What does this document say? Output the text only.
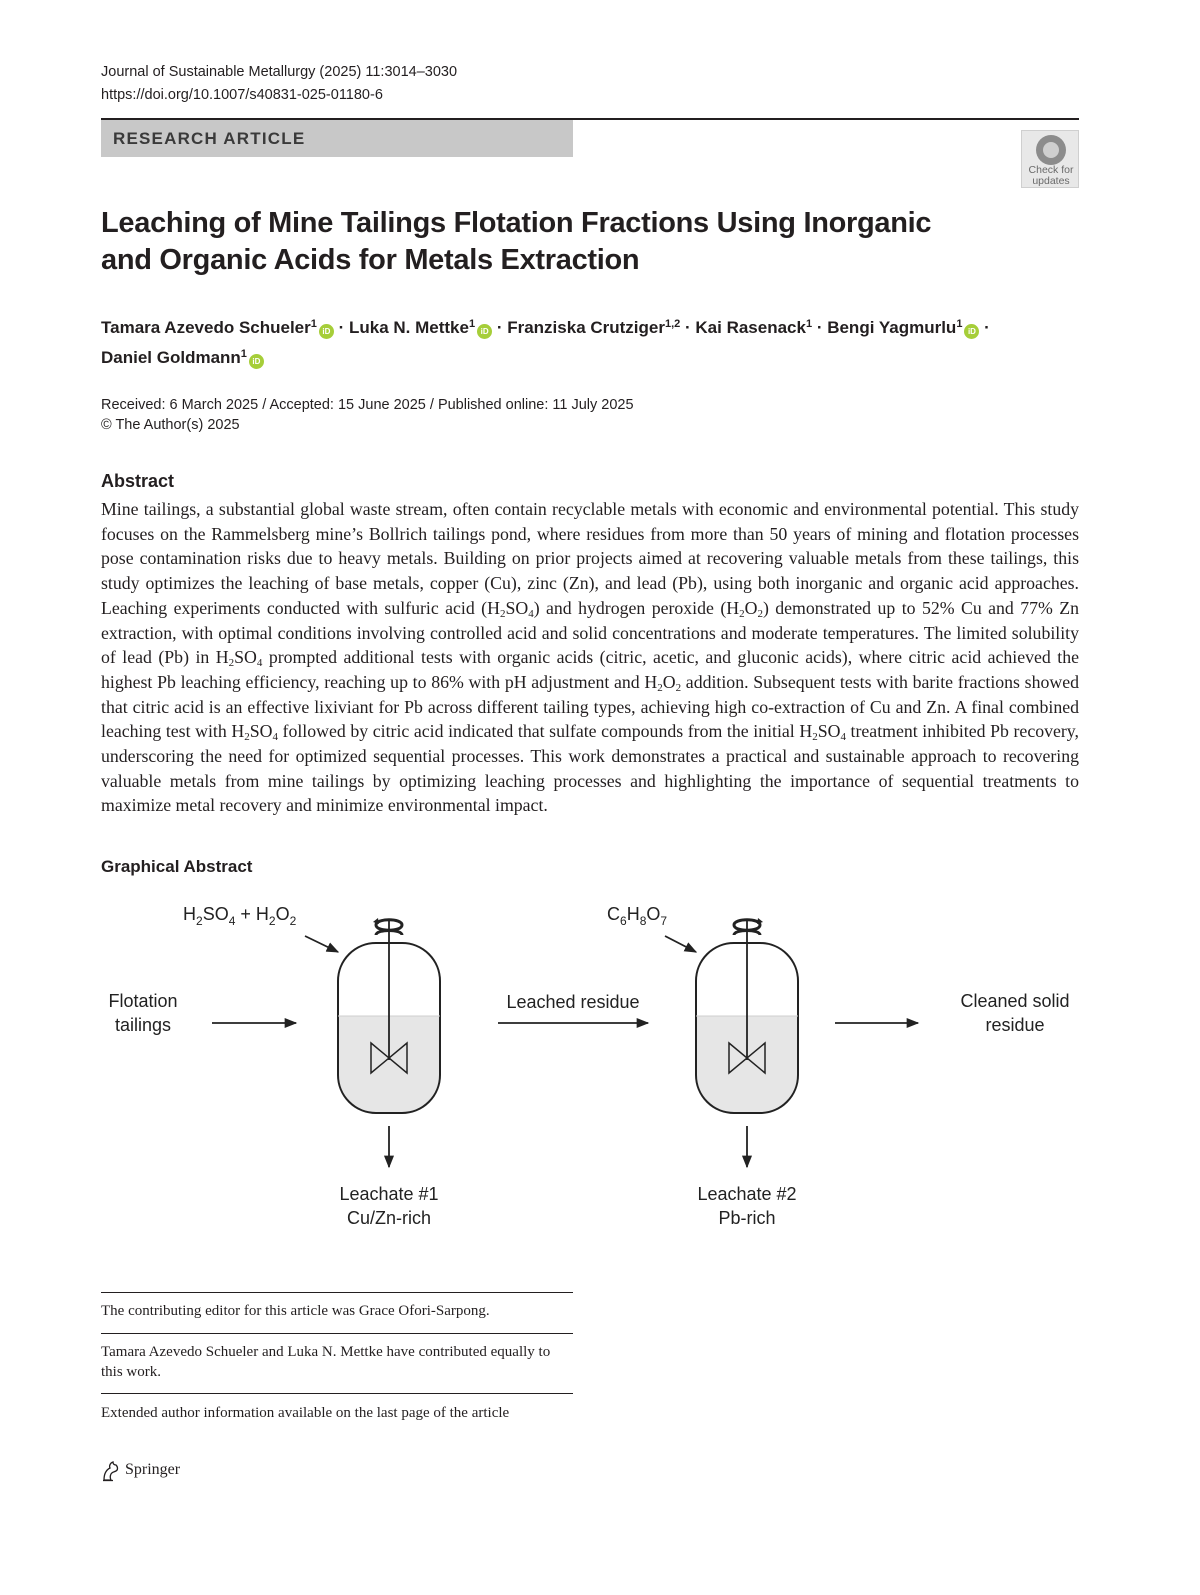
Journal of Sustainable Metallurgy (2025) 11:3014–3030
https://doi.org/10.1007/s40831-025-01180-6
RESEARCH ARTICLE
Check for updates
Leaching of Mine Tailings Flotation Fractions Using Inorganic
and Organic Acids for Metals Extraction
Tamara Azevedo Schueler$^1$iD · Luka N. Mettke$^1$iD · Franziska Crutziger$^{1,2}$ · Kai Rasenack$^1$ · Bengi Yagmurlu$^1$iD ·
Daniel Goldmann$^1$iD
Received: 6 March 2025 / Accepted: 15 June 2025 / Published online: 11 July 2025
© The Author(s) 2025
Abstract

Mine tailings, a substantial global waste stream, often contain recyclable metals with economic and environmental potential. This study focuses on the Rammelsberg mine’s Bollrich tailings pond, where residues from more than 50 years of mining and flotation processes pose contamination risks due to heavy metals. Building on prior projects aimed at recovering valuable metals from these tailings, this study optimizes the leaching of base metals, copper (Cu), zinc (Zn), and lead (Pb), using both inorganic and organic acid approaches. Leaching experiments conducted with sulfuric acid $(H_2SO_4)$ and hydrogen peroxide $(H_2O_2)$ demonstrated up to 52% Cu and 77% Zn extraction, with optimal conditions involving controlled acid and solid concentrations and moderate temperatures. The limited solubility of lead (Pb) in $H_2SO_4$ prompted additional tests with organic acids (citric, acetic, and gluconic acids), where citric acid achieved the highest Pb leaching efficiency, reaching up to 86% with pH adjustment and $H_2O_2$ addition. Subsequent tests with barite fractions showed that citric acid is an effective lixiviant for Pb across different tailing types, achieving high co-extraction of Cu and Zn. A final combined leaching test with $H_2SO_4$ followed by citric acid indicated that sulfate compounds from the initial $H_2SO_4$ treatment inhibited Pb recovery, underscoring the need for optimized sequential processes. This work demonstrates a practical and sustainable approach to recovering valuable metals from mine tailings by optimizing leaching processes and highlighting the importance of sequential treatments to maximize metal recovery and minimize environmental impact.

Graphical Abstract
$H_2SO_4 + H_2O_2$	$C_6H_8O_7$
Flotation
tailings
Leached residue	Cleaned solid
residue
Leachate #1
Cu/Zn-rich
Leachate #2
Pb-rich
The contributing editor for this article was Grace Ofori-Sarpong.
Tamara Azevedo Schueler and Luka N. Mettke have contributed equally to this work.
Extended author information available on the last page of the article
Springer
